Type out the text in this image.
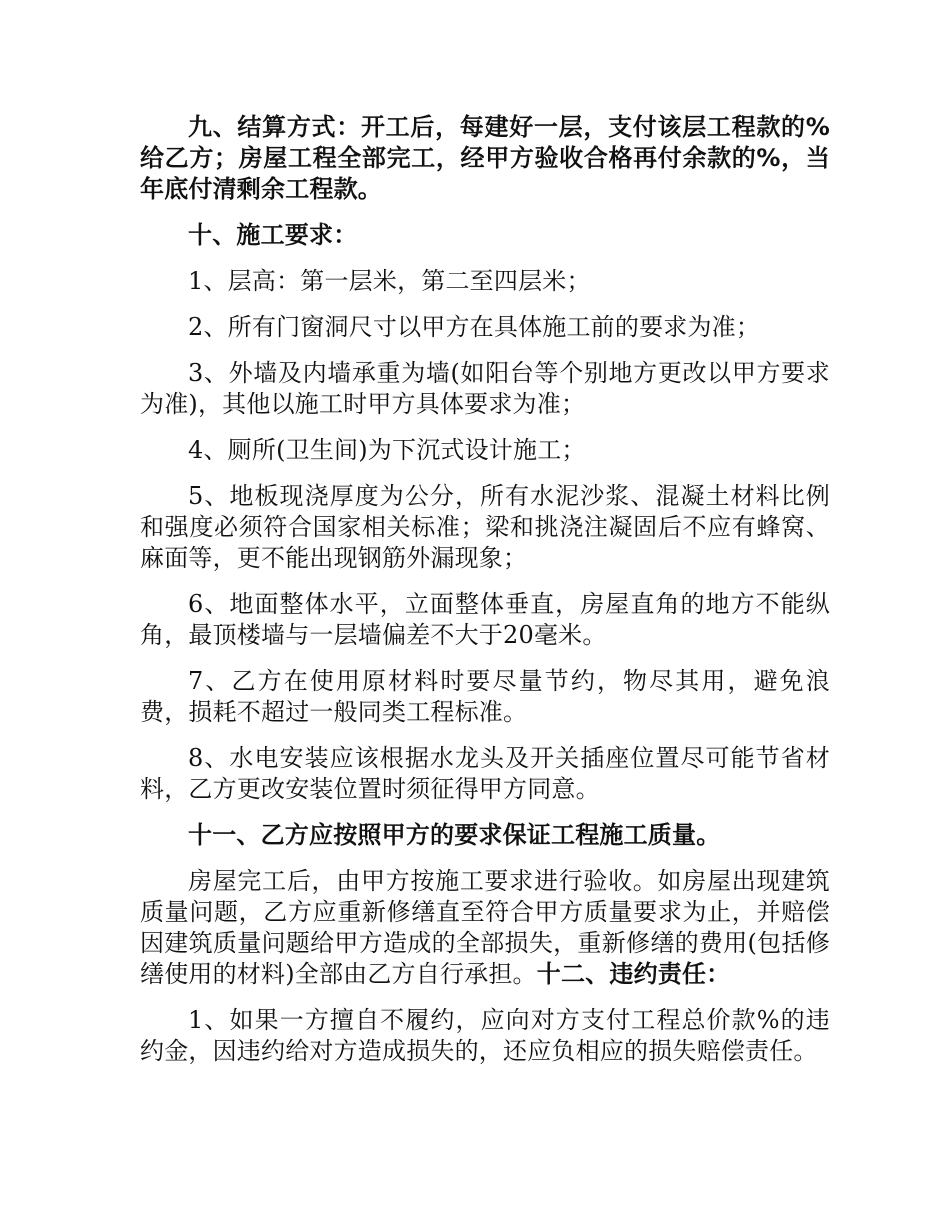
九、结算方式：开工后，每建好一层，支付该层工程款的%给乙方；房屋工程全部完工，经甲方验收合格再付余款的%，当年底付清剩余工程款。

十、施工要求：

1、层高：第一层米，第二至四层米；

2、所有门窗洞尺寸以甲方在具体施工前的要求为准；

3、外墙及内墙承重为墙(如阳台等个别地方更改以甲方要求为准)，其他以施工时甲方具体要求为准；

4、厕所(卫生间)为下沉式设计施工；

5、地板现浇厚度为公分，所有水泥沙浆、混凝土材料比例和强度必须符合国家相关标准；梁和挑浇注凝固后不应有蜂窝、麻面等，更不能出现钢筋外漏现象；

6、地面整体水平，立面整体垂直，房屋直角的地方不能纵角，最顶楼墙与一层墙偏差不大于20毫米。

7、乙方在使用原材料时要尽量节约，物尽其用，避免浪费，损耗不超过一般同类工程标准。

8、水电安装应该根据水龙头及开关插座位置尽可能节省材料，乙方更改安装位置时须征得甲方同意。

十一、乙方应按照甲方的要求保证工程施工质量。

房屋完工后，由甲方按施工要求进行验收。如房屋出现建筑质量问题，乙方应重新修缮直至符合甲方质量要求为止，并赔偿因建筑质量问题给甲方造成的全部损失，重新修缮的费用(包括修缮使用的材料)全部由乙方自行承担。十二、违约责任：

1、如果一方擅自不履约，应向对方支付工程总价款%的违约金，因违约给对方造成损失的，还应负相应的损失赔偿责任。
